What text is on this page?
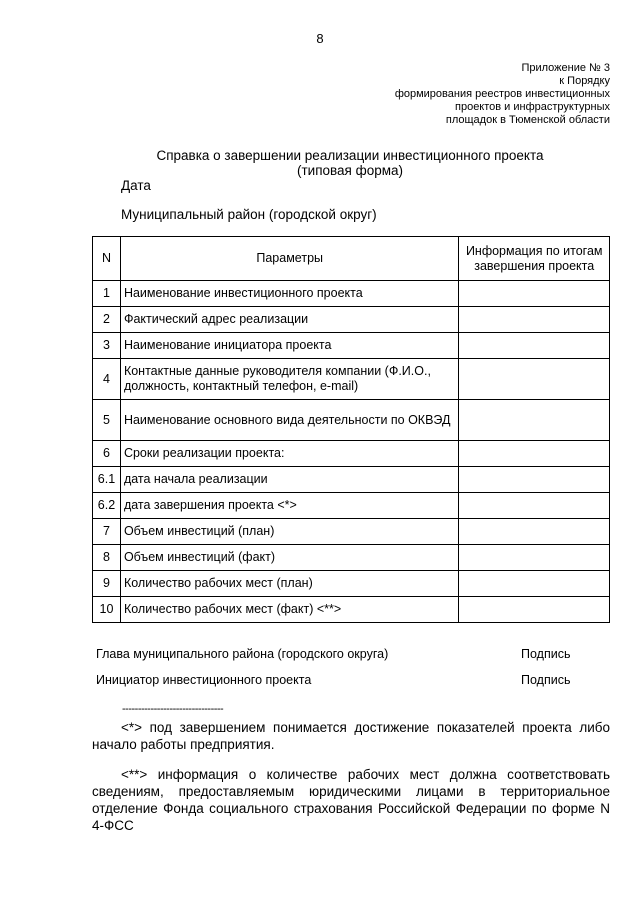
8
Приложение № 3
к Порядку
формирования реестров инвестиционных
проектов и инфраструктурных
площадок в Тюменской области
Справка о завершении реализации инвестиционного проекта
(типовая форма)
Дата
Муниципальный район (городской округ)
N	Параметры	Информация по итогам завершения проекта
1	Наименование инвестиционного проекта	
2	Фактический адрес реализации	
3	Наименование инициатора проекта	
4	Контактные данные руководителя компании (Ф.И.О., должность, контактный телефон, e-mail)	
5	Наименование основного вида деятельности по ОКВЭД	
6	Сроки реализации проекта:	
6.1	дата начала реализации	
6.2	дата завершения проекта <*>	
7	Объем инвестиций (план)	
8	Объем инвестиций (факт)	
9	Количество рабочих мест (план)	
10	Количество рабочих мест (факт) <**>	
Глава муниципального района (городского округа)	Подпись
Инициатор инвестиционного проекта	Подпись
--------------------------------

<*> под завершением понимается достижение показателей проекта либо начало работы предприятия.

<**> информация о количестве рабочих мест должна соответствовать сведениям, предоставляемым юридическими лицами в территориальное отделение Фонда социального страхования Российской Федерации по форме N 4-ФСС
